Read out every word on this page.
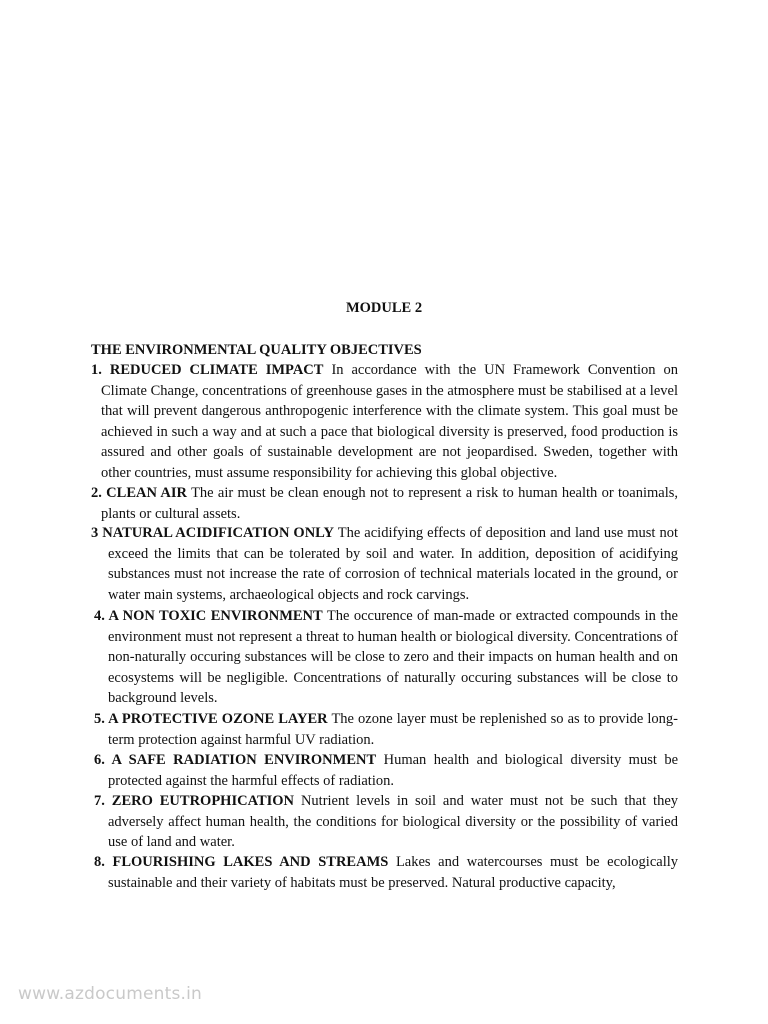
MODULE 2
THE ENVIRONMENTAL QUALITY OBJECTIVES
1. REDUCED CLIMATE IMPACT In accordance with the UN Framework Convention on Climate Change, concentrations of greenhouse gases in the atmosphere must be stabilised at a level that will prevent dangerous anthropogenic interference with the climate system. This goal must be achieved in such a way and at such a pace that biological diversity is preserved, food production is assured and other goals of sustainable development are not jeopardised. Sweden, together with other countries, must assume responsibility for achieving this global objective.
2. CLEAN AIR The air must be clean enough not to represent a risk to human health or toanimals, plants or cultural assets.
3 NATURAL ACIDIFICATION ONLY The acidifying effects of deposition and land use must not exceed the limits that can be tolerated by soil and water. In addition, deposition of acidifying substances must not increase the rate of corrosion of technical materials located in the ground, or water main systems, archaeological objects and rock carvings.
4. A NON TOXIC ENVIRONMENT The occurence of man-made or extracted compounds in the environment must not represent a threat to human health or biological diversity. Concentrations of non-naturally occuring substances will be close to zero and their impacts on human health and on ecosystems will be negligible. Concentrations of naturally occuring substances will be close to background levels.
5. A PROTECTIVE OZONE LAYER The ozone layer must be replenished so as to provide long-term protection against harmful UV radiation.
6. A SAFE RADIATION ENVIRONMENT Human health and biological diversity must be protected against the harmful effects of radiation.
7. ZERO EUTROPHICATION Nutrient levels in soil and water must not be such that they adversely affect human health, the conditions for biological diversity or the possibility of varied use of land and water.
8. FLOURISHING LAKES AND STREAMS Lakes and watercourses must be ecologically sustainable and their variety of habitats must be preserved. Natural productive capacity,
www.azdocuments.in
